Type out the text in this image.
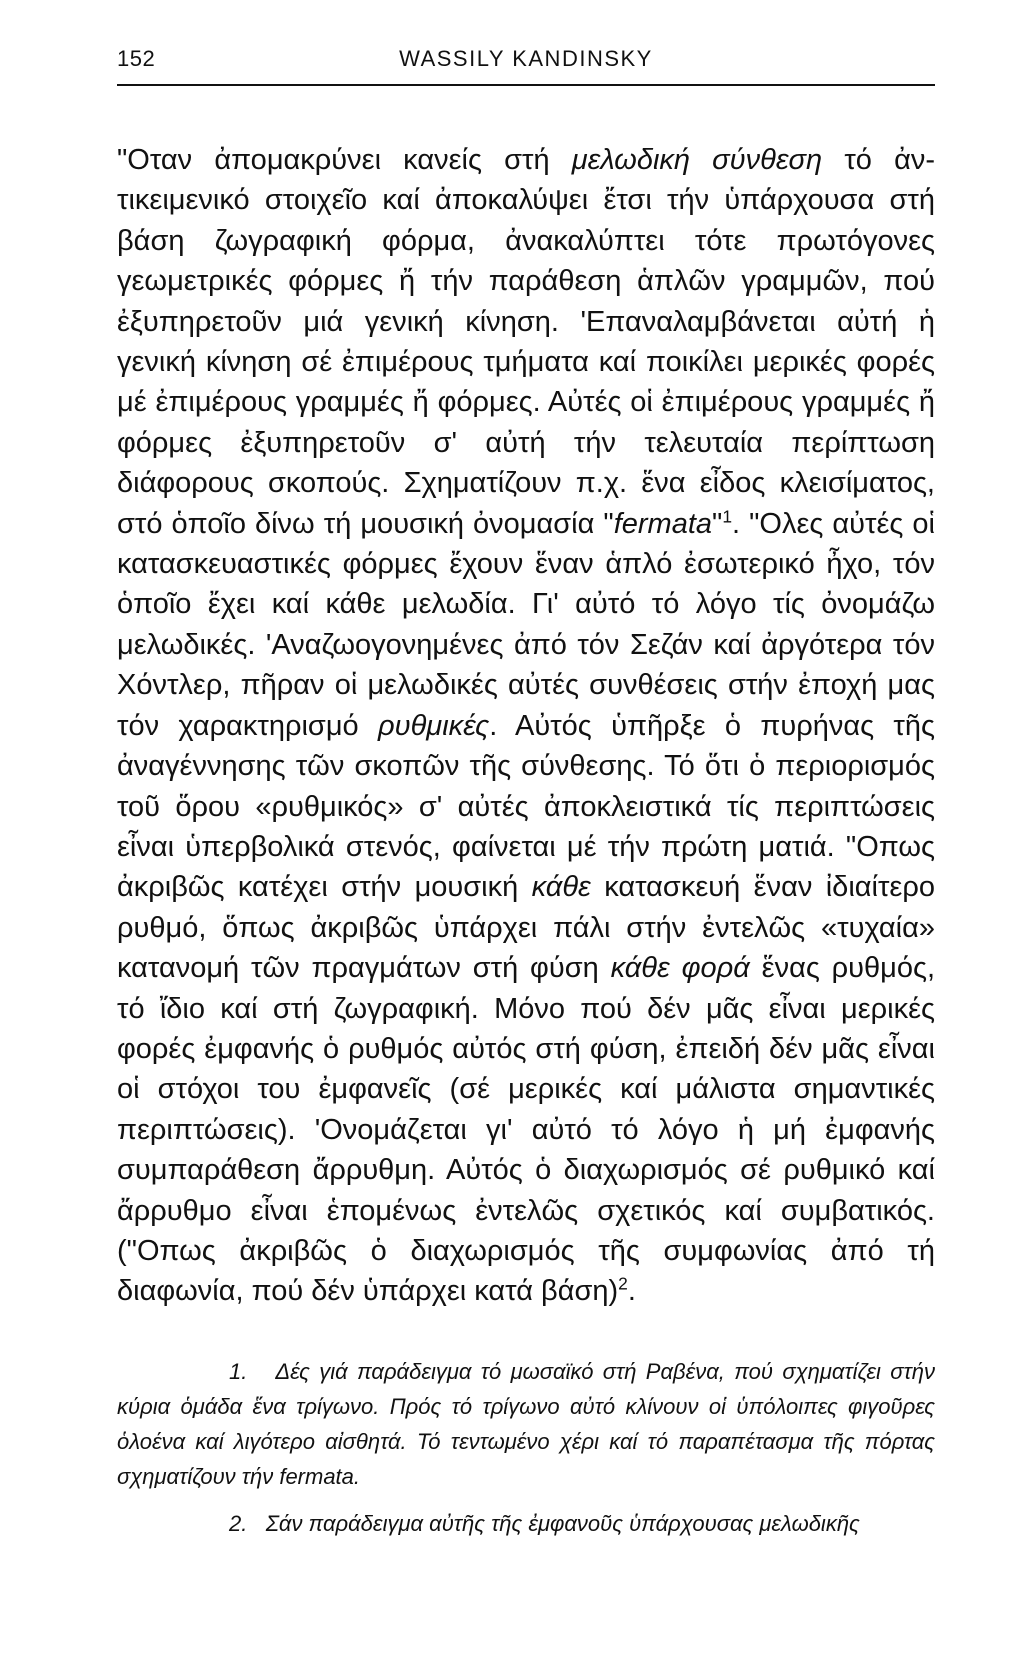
152	WASSILY KANDINSKY

"Οταν ἀπομακρύνει κανείς στή μελωδική σύνθεση τό ἀντικειμενικό στοιχεῖο καί ἀποκαλύψει ἔτσι τήν ὑπάρχουσα στή βάση ζωγραφική φόρμα, ἀνακαλύπτει τότε πρωτόγονες γεωμετρικές φόρμες ἤ τήν παράθεση ἁπλῶν γραμμῶν, πού ἐξυπηρετοῦν μιά γενική κίνηση. 'Επαναλαμβάνεται αὐτή ἡ γενική κίνηση σέ ἐπιμέρους τμήματα καί ποικίλει μερικές φορές μέ ἐπιμέρους γραμμές ἤ φόρμες. Αὐτές οἱ ἐπιμέρους γραμμές ἤ φόρμες ἐξυπηρετοῦν σ' αὐτή τήν τελευταία περίπτωση διάφορους σκοπούς. Σχηματίζουν π.χ. ἕνα εἶδος κλεισίματος, στό ὁποῖο δίνω τή μουσική ὀνομασία "fermata"$^1$. "Ολες αὐτές οἱ κατασκευαστικές φόρμες ἔχουν ἕναν ἁπλό ἐσωτερικό ἦχο, τόν ὁποῖο ἔχει καί κάθε μελωδία. Γι' αὐτό τό λόγο τίς ὀνομάζω μελωδικές. 'Αναζωογονημένες ἀπό τόν Σεζάν καί ἀργότερα τόν Χόντλερ, πῆραν οἱ μελωδικές αὐτές συνθέσεις στήν ἐποχή μας τόν χαρακτηρισμό ρυθμικές. Αὐτός ὑπῆρξε ὁ πυρήνας τῆς ἀναγέννησης τῶν σκοπῶν τῆς σύνθεσης. Τό ὅτι ὁ περιορισμός τοῦ ὅρου «ρυθμικός» σ' αὐτές ἀποκλειστικά τίς περιπτώσεις εἶναι ὑπερβολικά στενός, φαίνεται μέ τήν πρώτη ματιά. "Οπως ἀκριβῶς κατέχει στήν μουσική κάθε κατασκευή ἕναν ἰδιαίτερο ρυθμό, ὅπως ἀκριβῶς ὑπάρχει πάλι στήν ἐντελῶς «τυχαία» κατανομή τῶν πραγμάτων στή φύση κάθε φορά ἕνας ρυθμός, τό ἴδιο καί στή ζωγραφική. Μόνο πού δέν μᾶς εἶναι μερικές φορές ἐμφανής ὁ ρυθμός αὐτός στή φύση, ἐπειδή δέν μᾶς εἶναι οἱ στόχοι του ἐμφανεῖς (σέ μερικές καί μάλιστα σημαντικές περιπτώσεις). 'Ονομάζεται γι' αὐτό τό λόγο ἡ μή ἐμφανής συμπαράθεση ἄρρυθμη. Αὐτός ὁ διαχωρισμός σέ ρυθμικό καί ἄρρυθμο εἶναι ἑπομένως ἐντελῶς σχετικός καί συμβατικός. ("Οπως ἀκριβῶς ὁ διαχωρισμός τῆς συμφωνίας ἀπό τή διαφωνία, πού δέν ὑπάρχει κατά βάση)$^2$.

1. Δές γιά παράδειγμα τό μωσαϊκό στή Ραβένα, πού σχηματίζει στήν κύρια ὁμάδα ἕνα τρίγωνο. Πρός τό τρίγωνο αὐτό κλίνουν οἱ ὑπόλοιπες φιγοῦρες ὁλοένα καί λιγότερο αἰσθητά. Τό τεντωμένο χέρι καί τό παραπέτασμα τῆς πόρτας σχηματίζουν τήν fermata.

2. Σάν παράδειγμα αὐτῆς τῆς ἐμφανοῦς ὑπάρχουσας μελωδικῆς
